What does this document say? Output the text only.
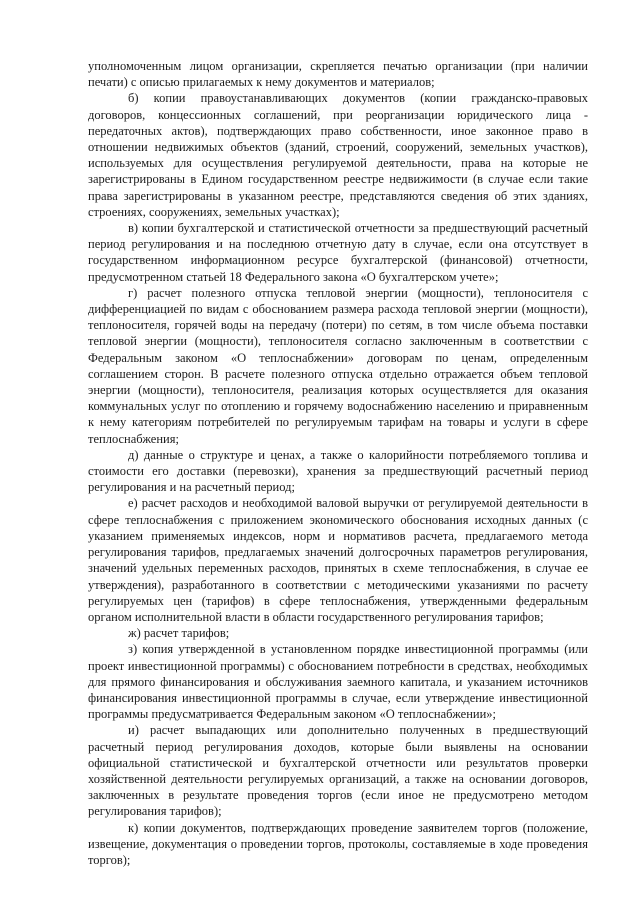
уполномоченным лицом организации, скрепляется печатью организации (при наличии печати) с описью прилагаемых к нему документов и материалов;

б) копии правоустанавливающих документов (копии гражданско-правовых договоров, концессионных соглашений, при реорганизации юридического лица - передаточных актов), подтверждающих право собственности, иное законное право в отношении недвижимых объектов (зданий, строений, сооружений, земельных участков), используемых для осуществления регулируемой деятельности, права на которые не зарегистрированы в Едином государственном реестре недвижимости (в случае если такие права зарегистрированы в указанном реестре, представляются сведения об этих зданиях, строениях, сооружениях, земельных участках);

в) копии бухгалтерской и статистической отчетности за предшествующий расчетный период регулирования и на последнюю отчетную дату в случае, если она отсутствует в государственном информационном ресурсе бухгалтерской (финансовой) отчетности, предусмотренном статьей 18 Федерального закона «О бухгалтерском учете»;

г) расчет полезного отпуска тепловой энергии (мощности), теплоносителя с дифференциацией по видам с обоснованием размера расхода тепловой энергии (мощности), теплоносителя, горячей воды на передачу (потери) по сетям, в том числе объема поставки тепловой энергии (мощности), теплоносителя согласно заключенным в соответствии с Федеральным законом «О теплоснабжении» договорам по ценам, определенным соглашением сторон. В расчете полезного отпуска отдельно отражается объем тепловой энергии (мощности), теплоносителя, реализация которых осуществляется для оказания коммунальных услуг по отоплению и горячему водоснабжению населению и приравненным к нему категориям потребителей по регулируемым тарифам на товары и услуги в сфере теплоснабжения;

д) данные о структуре и ценах, а также о калорийности потребляемого топлива и стоимости его доставки (перевозки), хранения за предшествующий расчетный период регулирования и на расчетный период;

е) расчет расходов и необходимой валовой выручки от регулируемой деятельности в сфере теплоснабжения с приложением экономического обоснования исходных данных (с указанием применяемых индексов, норм и нормативов расчета, предлагаемого метода регулирования тарифов, предлагаемых значений долгосрочных параметров регулирования, значений удельных переменных расходов, принятых в схеме теплоснабжения, в случае ее утверждения), разработанного в соответствии с методическими указаниями по расчету регулируемых цен (тарифов) в сфере теплоснабжения, утвержденными федеральным органом исполнительной власти в области государственного регулирования тарифов;

ж) расчет тарифов;

з) копия утвержденной в установленном порядке инвестиционной программы (или проект инвестиционной программы) с обоснованием потребности в средствах, необходимых для прямого финансирования и обслуживания заемного капитала, и указанием источников финансирования инвестиционной программы в случае, если утверждение инвестиционной программы предусматривается Федеральным законом «О теплоснабжении»;

и) расчет выпадающих или дополнительно полученных в предшествующий расчетный период регулирования доходов, которые были выявлены на основании официальной статистической и бухгалтерской отчетности или результатов проверки хозяйственной деятельности регулируемых организаций, а также на основании договоров, заключенных в результате проведения торгов (если иное не предусмотрено методом регулирования тарифов);

к) копии документов, подтверждающих проведение заявителем торгов (положение, извещение, документация о проведении торгов, протоколы, составляемые в ходе проведения торгов);
